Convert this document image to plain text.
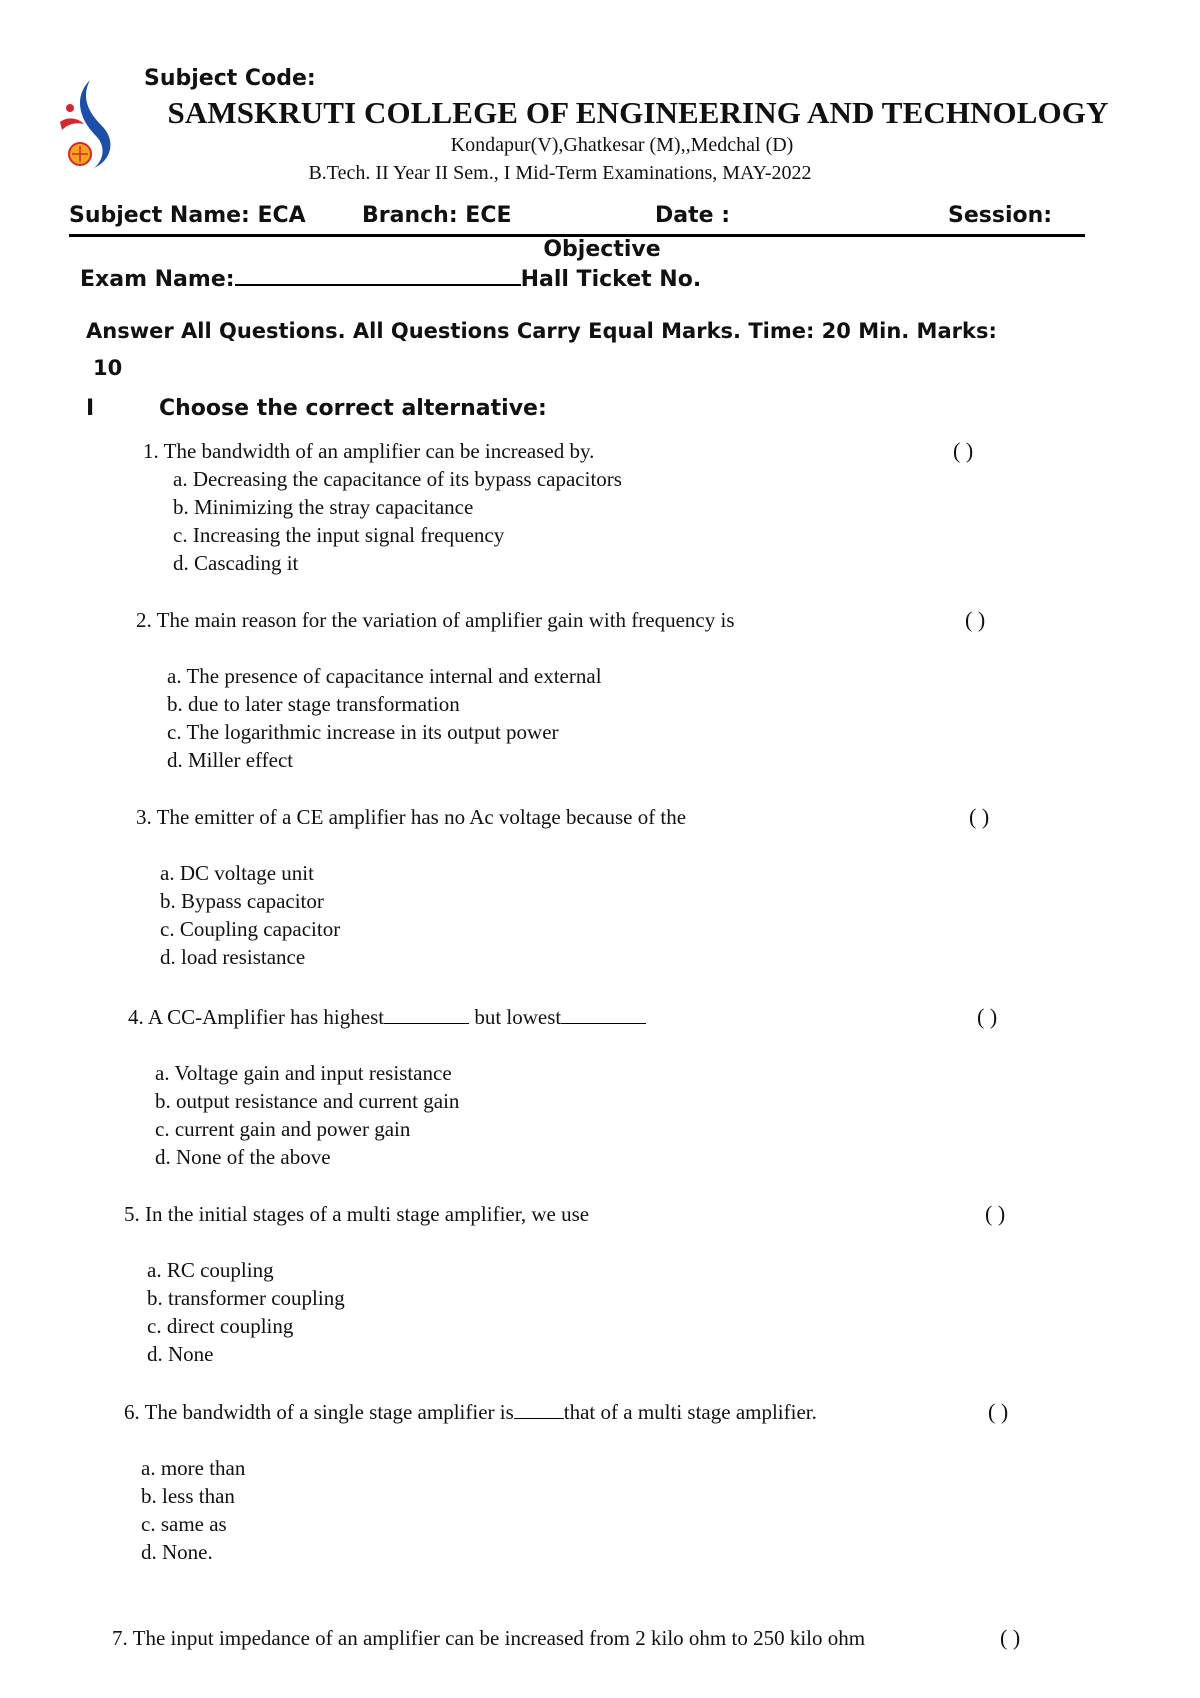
Subject Code:
SAMSKRUTI COLLEGE OF ENGINEERING AND TECHNOLOGY
Kondapur(V),Ghatkesar (M),,Medchal (D)
B.Tech. II Year II Sem., I Mid-Term Examinations, MAY-2022
Subject Name: ECA	Branch: ECE	Date :	Session:
Objective
Exam Name:	Hall Ticket No.
Answer All Questions. All Questions Carry Equal Marks. Time: 20 Min. Marks:
10
I	Choose the correct alternative:
1. The bandwidth of an amplifier can be increased by.	( )
a. Decreasing the capacitance of its bypass capacitors
b. Minimizing the stray capacitance
c. Increasing the input signal frequency
d. Cascading it
2. The main reason for the variation of amplifier gain with frequency is	( )
a. The presence of capacitance internal and external
b. due to later stage transformation
c. The logarithmic increase in its output power
d. Miller effect
3. The emitter of a CE amplifier has no Ac voltage because of the	( )
a. DC voltage unit
b. Bypass capacitor
c. Coupling capacitor
d. load resistance
4. A CC-Amplifier has highest	but lowest	( )
a. Voltage gain and input resistance
b. output resistance and current gain
c. current gain and power gain
d. None of the above
5. In the initial stages of a multi stage amplifier, we use	( )
a. RC coupling
b. transformer coupling
c. direct coupling
d. None
6. The bandwidth of a single stage amplifier is that of a multi stage amplifier.	( )
a. more than
b. less than
c. same as
d. None.
7. The input impedance of an amplifier can be increased from 2 kilo ohm to 250 kilo ohm	( )
